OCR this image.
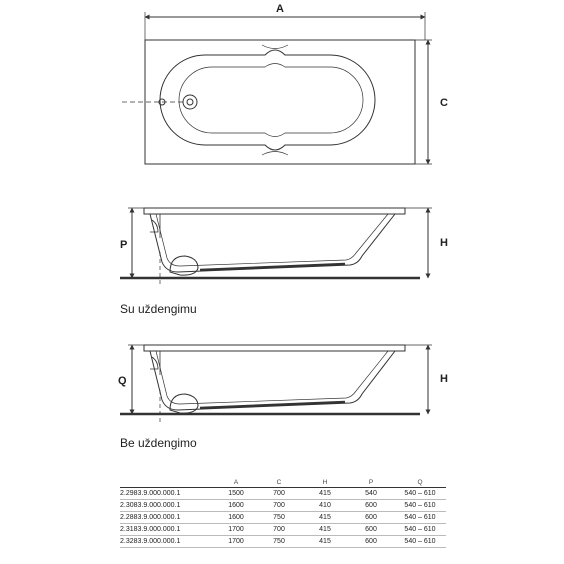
A
C
P	H
Q	H
Su uždengimu
Be uždengimo
	A	C	H	P	Q
2.2983.9.000.000.1	1500	700	415	540	540 – 610
2.3083.9.000.000.1	1600	700	410	600	540 – 610
2.2883.9.000.000.1	1600	750	415	600	540 – 610
2.3183.9.000.000.1	1700	700	415	600	540 – 610
2.3283.9.000.000.1	1700	750	415	600	540 – 610
